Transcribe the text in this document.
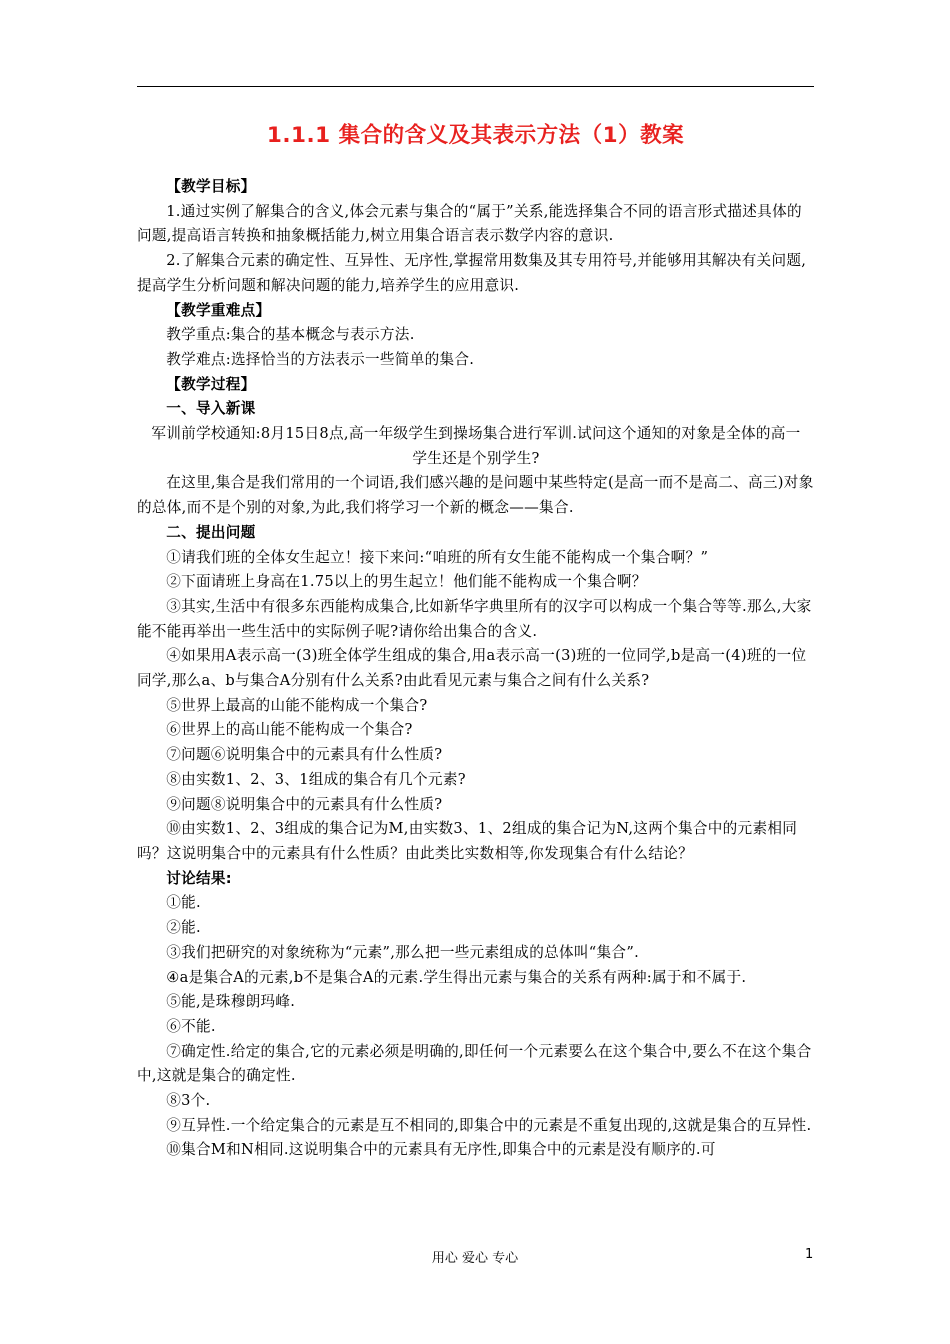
1.1.1 集合的含义及其表示方法（1）教案

【教学目标】

1.通过实例了解集合的含义,体会元素与集合的“属于”关系,能选择集合不同的语言形式描述具体的问题,提高语言转换和抽象概括能力,树立用集合语言表示数学内容的意识.

2.了解集合元素的确定性、互异性、无序性,掌握常用数集及其专用符号,并能够用其解决有关问题,提高学生分析问题和解决问题的能力,培养学生的应用意识.

【教学重难点】

教学重点:集合的基本概念与表示方法.

教学难点:选择恰当的方法表示一些简单的集合.

【教学过程】

一、导入新课

军训前学校通知:8月15日8点,高一年级学生到操场集合进行军训.试问这个通知的对象是全体的高一学生还是个别学生?

在这里,集合是我们常用的一个词语,我们感兴趣的是问题中某些特定(是高一而不是高二、高三)对象的总体,而不是个别的对象,为此,我们将学习一个新的概念——集合.

二、提出问题

①请我们班的全体女生起立！接下来问:“咱班的所有女生能不能构成一个集合啊？”

②下面请班上身高在1.75以上的男生起立！他们能不能构成一个集合啊？

③其实,生活中有很多东西能构成集合,比如新华字典里所有的汉字可以构成一个集合等等.那么,大家能不能再举出一些生活中的实际例子呢?请你给出集合的含义.

④如果用A表示高一(3)班全体学生组成的集合,用a表示高一(3)班的一位同学,b是高一(4)班的一位同学,那么a、b与集合A分别有什么关系?由此看见元素与集合之间有什么关系?

⑤世界上最高的山能不能构成一个集合?

⑥世界上的高山能不能构成一个集合?

⑦问题⑥说明集合中的元素具有什么性质?

⑧由实数1、2、3、1组成的集合有几个元素?

⑨问题⑧说明集合中的元素具有什么性质?

⑩由实数1、2、3组成的集合记为M,由实数3、1、2组成的集合记为N,这两个集合中的元素相同吗？这说明集合中的元素具有什么性质？由此类比实数相等,你发现集合有什么结论？

讨论结果:

①能.

②能.

③我们把研究的对象统称为“元素”,那么把一些元素组成的总体叫“集合”.

④a是集合A的元素,b不是集合A的元素.学生得出元素与集合的关系有两种:属于和不属于.

⑤能,是珠穆朗玛峰.

⑥不能.

⑦确定性.给定的集合,它的元素必须是明确的,即任何一个元素要么在这个集合中,要么不在这个集合中,这就是集合的确定性.

⑧3个.

⑨互异性.一个给定集合的元素是互不相同的,即集合中的元素是不重复出现的,这就是集合的互异性.

⑩集合M和N相同.这说明集合中的元素具有无序性,即集合中的元素是没有顺序的.可

用心 爱心 专心	1
